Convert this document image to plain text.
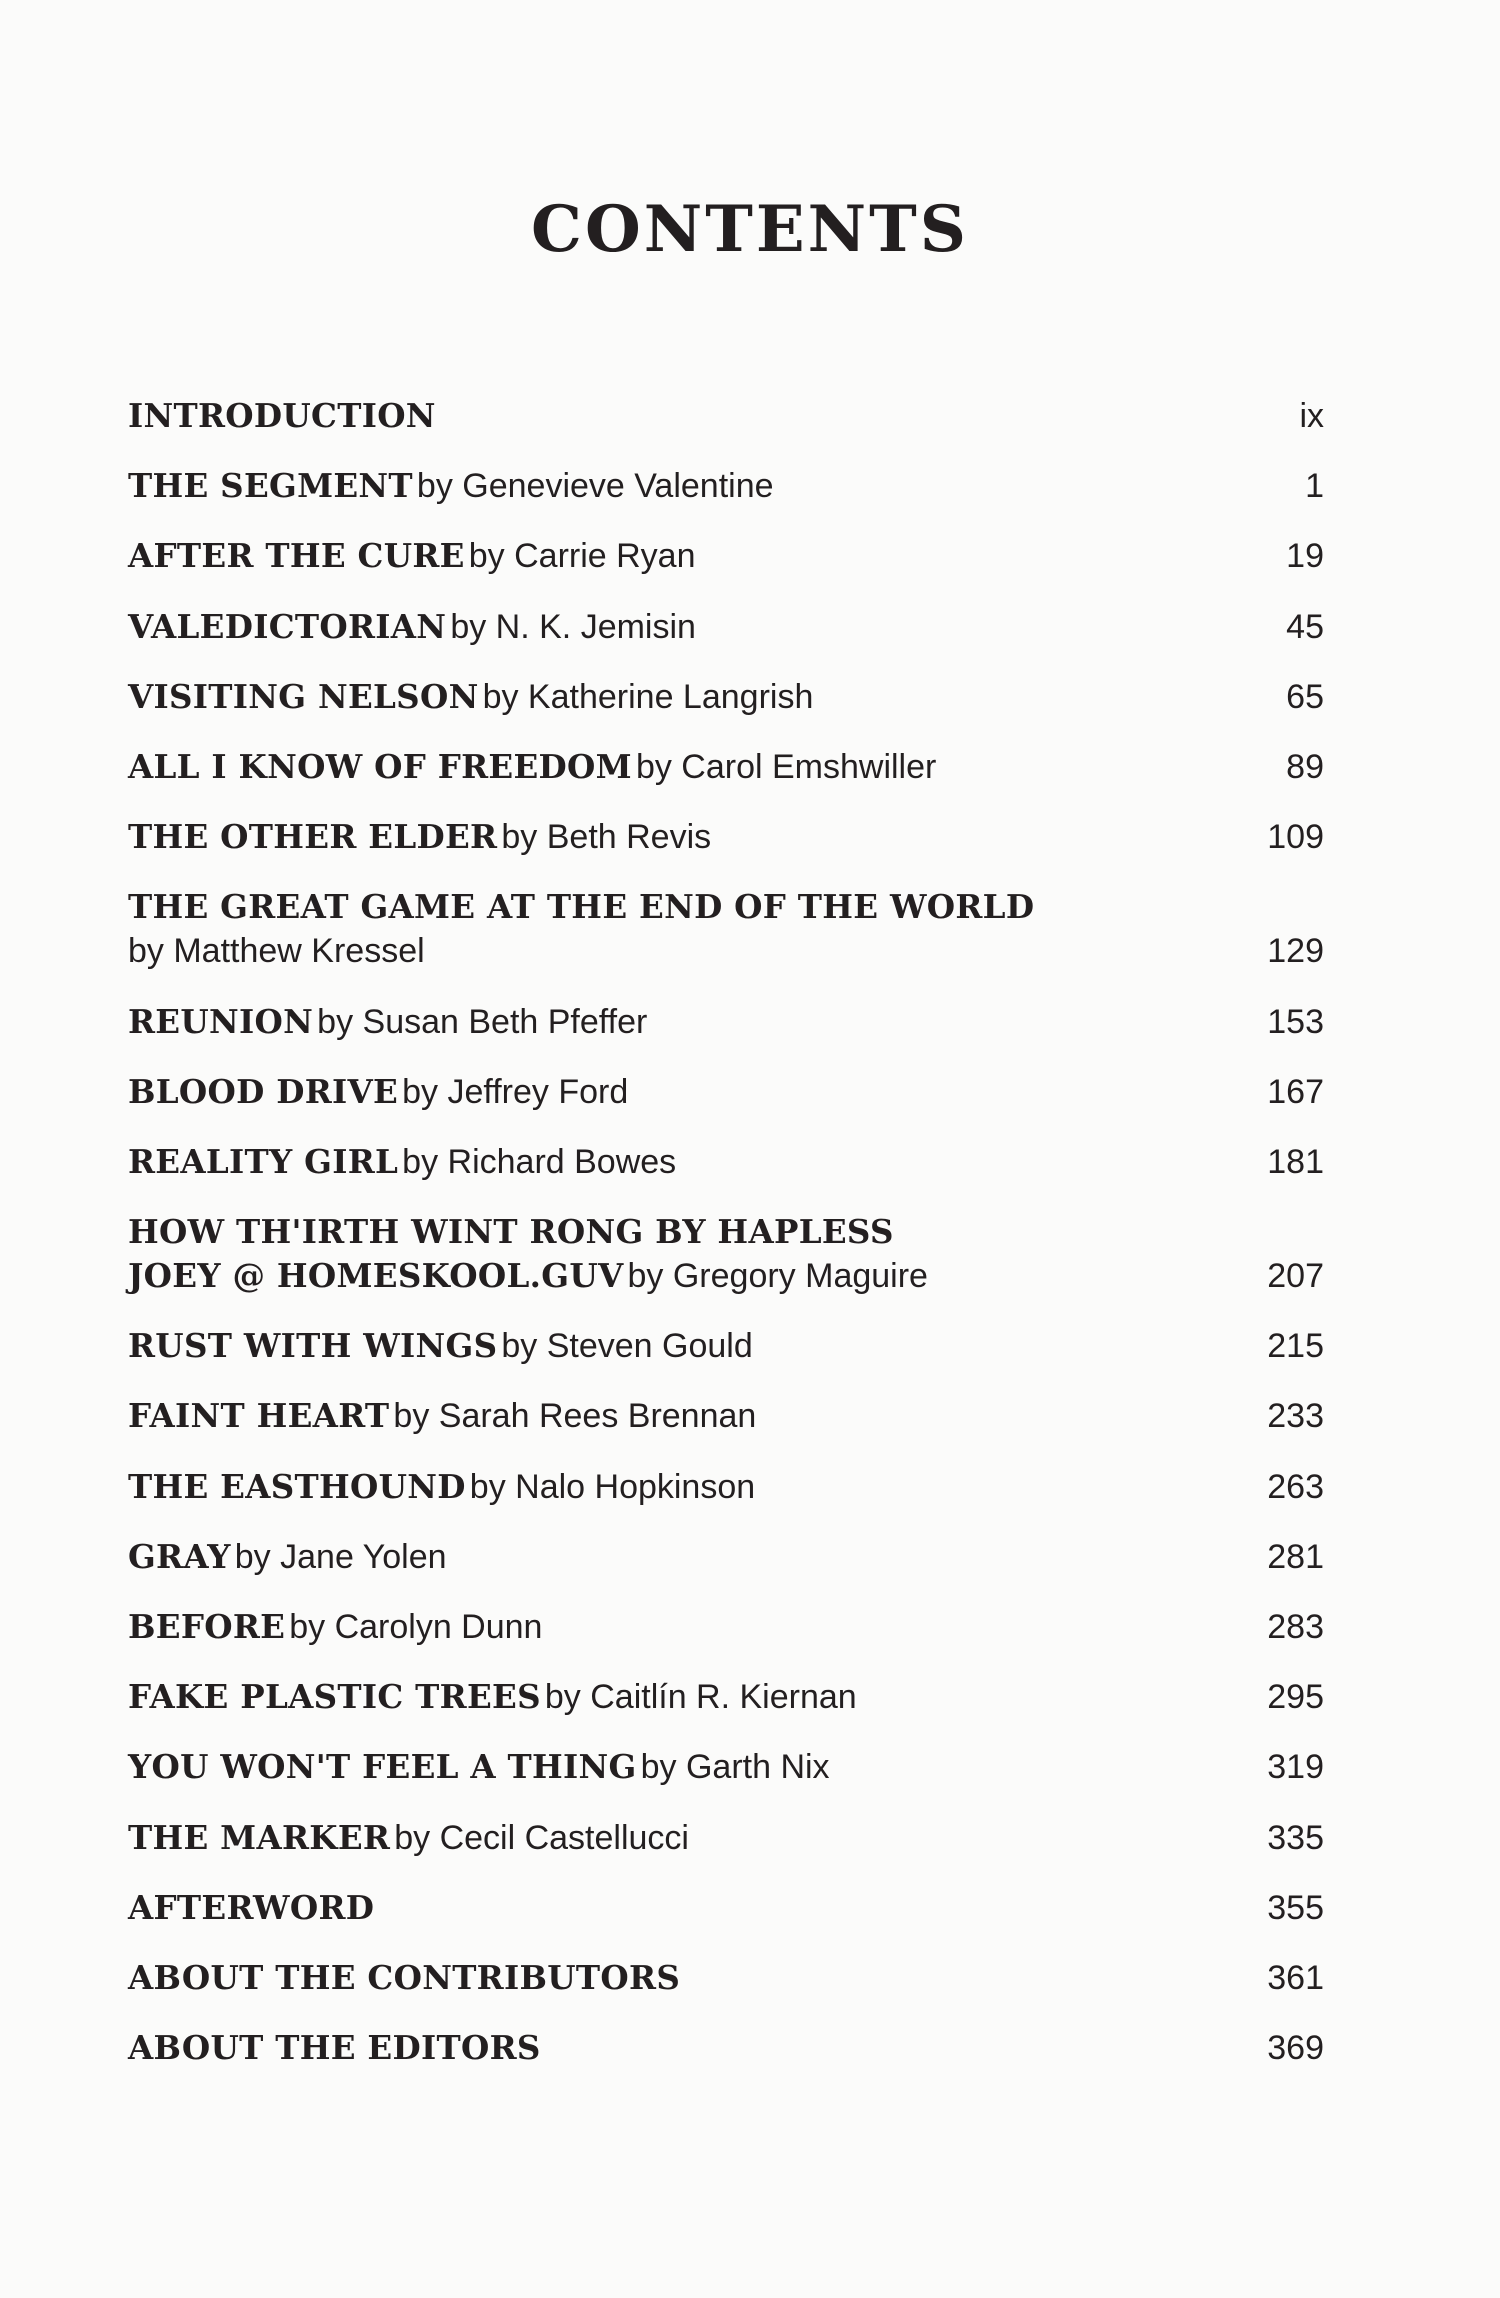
CONTENTS
INTRODUCTION	ix
THE SEGMENT by Genevieve Valentine	1
AFTER THE CURE by Carrie Ryan	19
VALEDICTORIAN by N. K. Jemisin	45
VISITING NELSON by Katherine Langrish	65
ALL I KNOW OF FREEDOM by Carol Emshwiller	89
THE OTHER ELDER by Beth Revis	109
THE GREAT GAME AT THE END OF THE WORLD
by Matthew Kressel	129
REUNION by Susan Beth Pfeffer	153
BLOOD DRIVE by Jeffrey Ford	167
REALITY GIRL by Richard Bowes	181
HOW TH'IRTH WINT RONG BY HAPLESS
JOEY @ HOMESKOOL.GUV by Gregory Maguire	207
RUST WITH WINGS by Steven Gould	215
FAINT HEART by Sarah Rees Brennan	233
THE EASTHOUND by Nalo Hopkinson	263
GRAY by Jane Yolen	281
BEFORE by Carolyn Dunn	283
FAKE PLASTIC TREES by Caitlín R. Kiernan	295
YOU WON'T FEEL A THING by Garth Nix	319
THE MARKER by Cecil Castellucci	335
AFTERWORD	355
ABOUT THE CONTRIBUTORS	361
ABOUT THE EDITORS	369
